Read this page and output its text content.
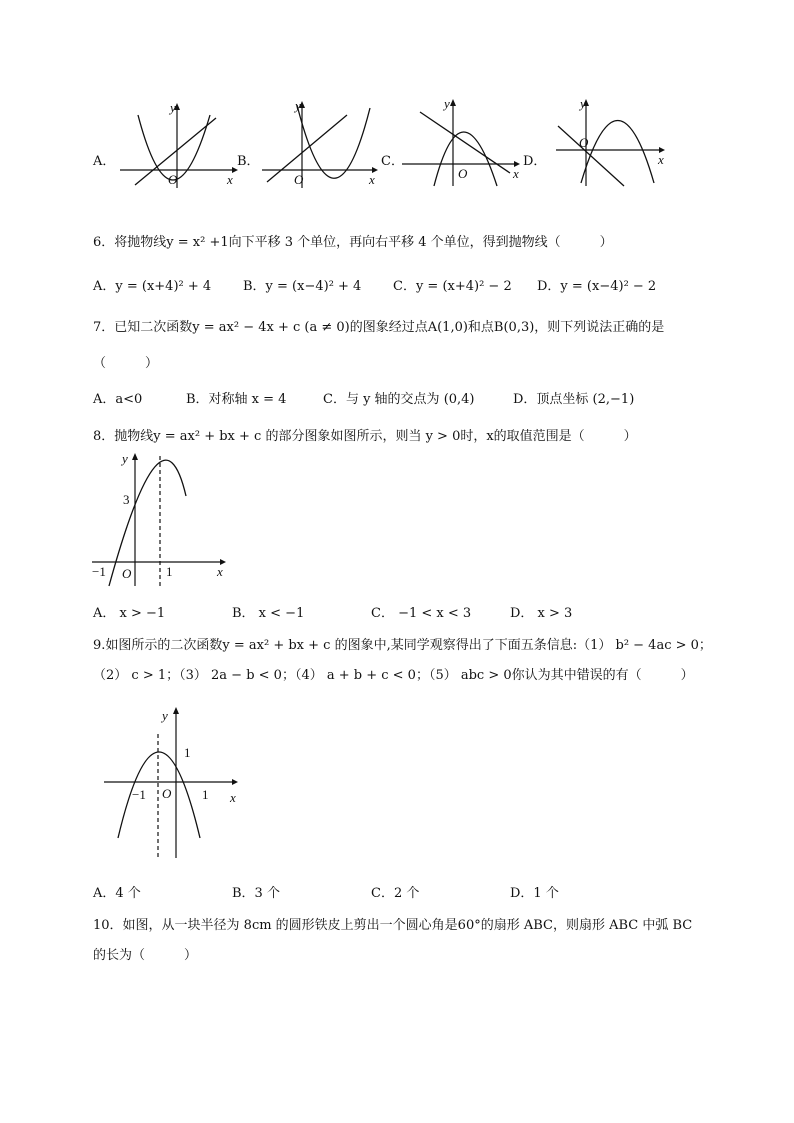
A．
y
x
O
B．
y
x
O
C．
y
x
O
D．
y
x
O
6．将抛物线y = x² +1向下平移 3 个单位，再向右平移 4 个单位，得到抛物线（　　　）
A．y = (x+4)² + 4 B．y = (x−4)² + 4 C．y = (x+4)² − 2 D．y = (x−4)² − 2
7．已知二次函数y = ax² − 4x + c (a ≠ 0)的图象经过点A(1,0)和点B(0,3)，则下列说法正确的是
（　　　）
A．a<0	B．对称轴 x = 4	C．与 y 轴的交点为 (0,4)	D．顶点坐标 (2,−1)
8．抛物线y = ax² + bx + c 的部分图象如图所示，则当 y > 0时，x的取值范围是（　　　）
y
x
O
3
−1	1
A． x > −1	B． x < −1	C． −1 < x < 3	D． x > 3
9.如图所示的二次函数y = ax² + bx + c 的图象中,某同学观察得出了下面五条信息:（1） b² − 4ac > 0；
（2） c > 1；（3） 2a − b < 0；（4） a + b + c < 0；（5） abc > 0你认为其中错误的有（　　　）
y
x
O
1
−1	1
A．4 个	B．3 个	C．2 个	D．1 个
10．如图，从一块半径为 8cm 的圆形铁皮上剪出一个圆心角是60°的扇形 ABC，则扇形 ABC 中弧 BC
的长为（　　　）
